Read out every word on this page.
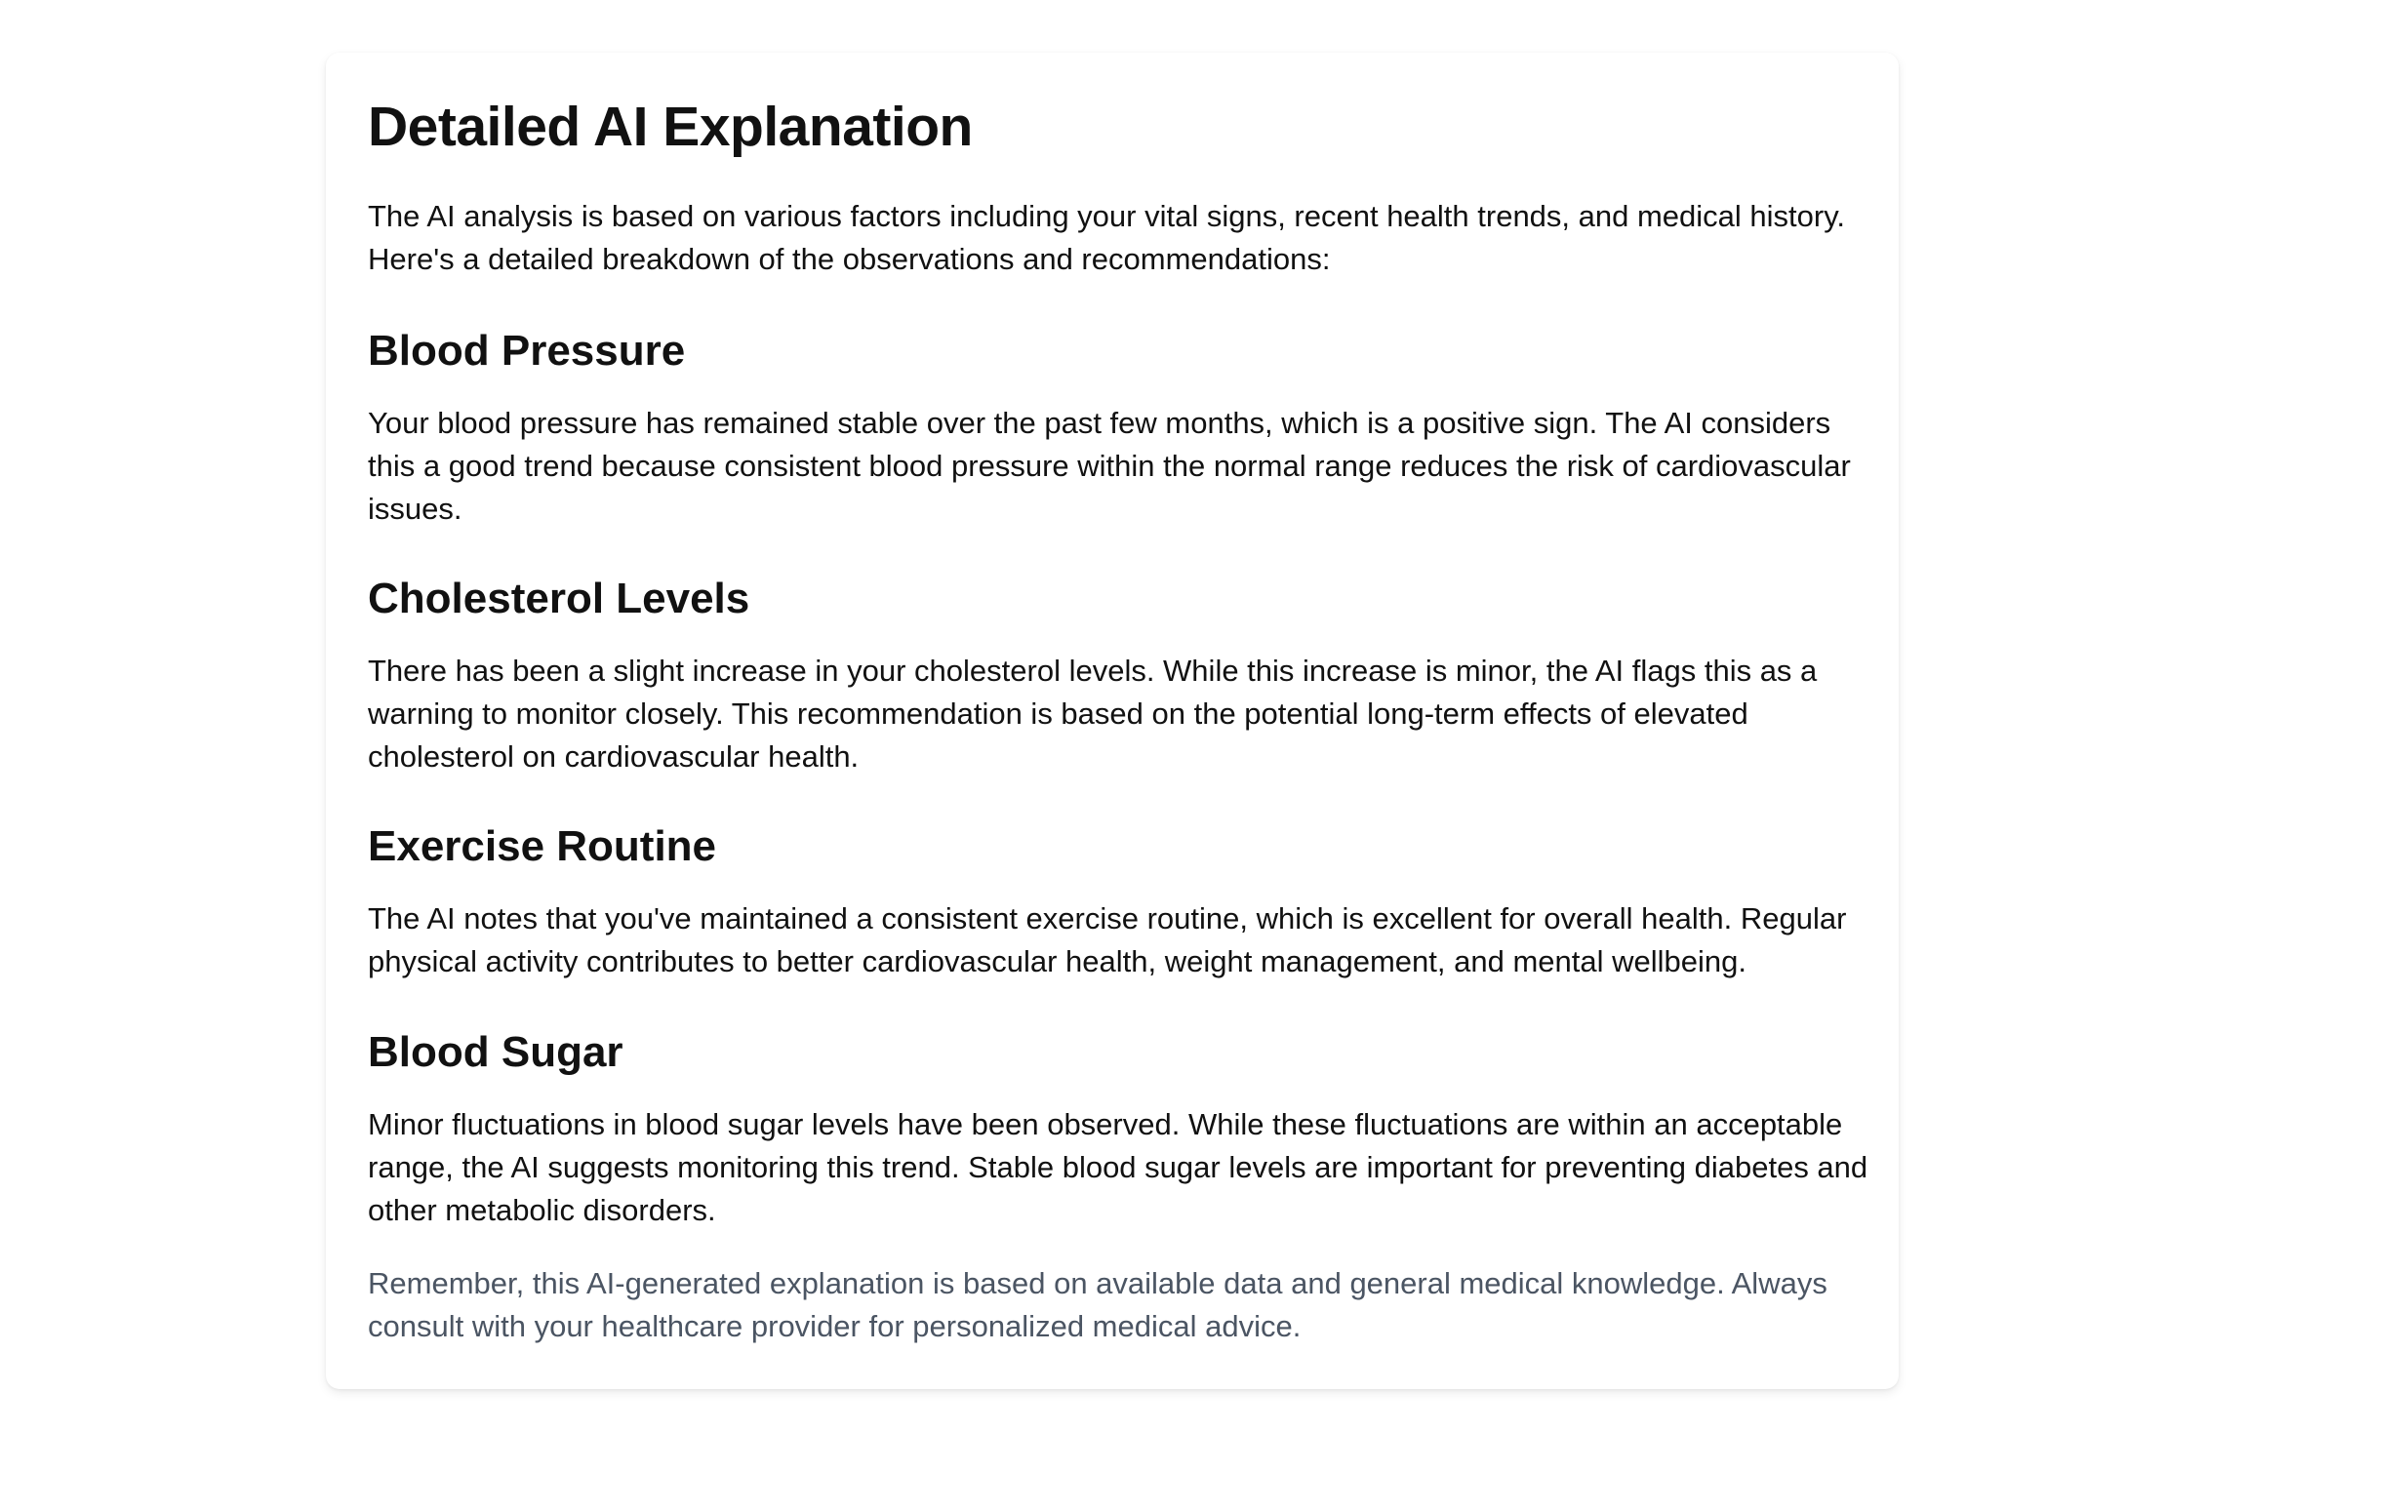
Detailed AI Explanation

The AI analysis is based on various factors including your vital signs, recent health trends, and medical history. Here's a detailed breakdown of the observations and recommendations:

Blood Pressure

Your blood pressure has remained stable over the past few months, which is a positive sign. The AI considers this a good trend because consistent blood pressure within the normal range reduces the risk of cardiovascular issues.

Cholesterol Levels

There has been a slight increase in your cholesterol levels. While this increase is minor, the AI flags this as a warning to monitor closely. This recommendation is based on the potential long-term effects of elevated cholesterol on cardiovascular health.

Exercise Routine

The AI notes that you've maintained a consistent exercise routine, which is excellent for overall health. Regular physical activity contributes to better cardiovascular health, weight management, and mental wellbeing.

Blood Sugar

Minor fluctuations in blood sugar levels have been observed. While these fluctuations are within an acceptable range, the AI suggests monitoring this trend. Stable blood sugar levels are important for preventing diabetes and other metabolic disorders.

Remember, this AI-generated explanation is based on available data and general medical knowledge. Always consult with your healthcare provider for personalized medical advice.
